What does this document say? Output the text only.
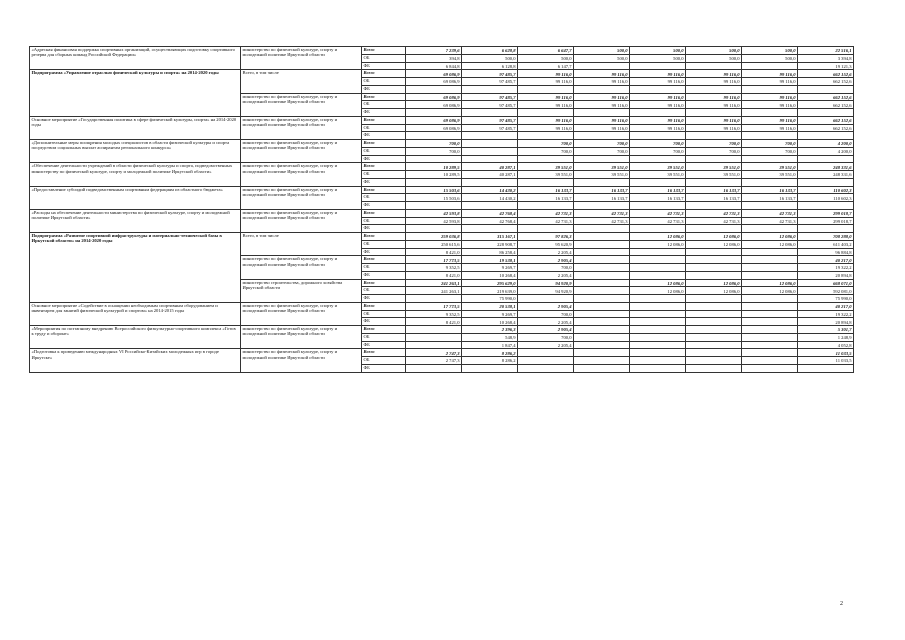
«Адресная финансовая поддержка спортивных организаций, осуществляющих подготовку спортивного резерва для сборных команд Российской Федерации»	министерство по физической культуре, спорту и молодежной политике Иркутской области	Всего	7 239,6	6 628,8	6 647,7	500,0	500,0	500,0	500,0	22 516,1
		ОБ	394,8	500,0	500,0	500,0	500,0	500,0	500,0	3 394,8
		ФБ	6 844,8	6 128,8	6 147,7					19 121,3
Подпрограмма «Управление отраслью физической культуры и спорта» на 2014-2020 годы	Всего, в том числе	Всего	69 086,9	97 485,7	99 116,0	99 116,0	99 116,0	99 116,0	99 116,0	662 152,6
		ОБ	69 086,9	97 485,7	99 116,0	99 116,0	99 116,0	99 116,0	99 116,0	662 152,6
		ФБ								
	министерство по физической культуре, спорту и молодежной политике Иркутской области	Всего	69 086,9	97 485,7	99 116,0	99 116,0	99 116,0	99 116,0	99 116,0	662 152,6
		ОБ	69 086,9	97 485,7	99 116,0	99 116,0	99 116,0	99 116,0	99 116,0	662 152,6
		ФБ								
Основное мероприятие «Государственная политика в сфере физической культуры, спорта» на 2014-2020 годы	министерство по физической культуре, спорту и молодежной политике Иркутской области	Всего	69 086,9	97 485,7	99 116,0	99 116,0	99 116,0	99 116,0	99 116,0	662 152,6
		ОБ	69 086,9	97 485,7	99 116,0	99 116,0	99 116,0	99 116,0	99 116,0	662 152,6
		ФБ								
«Дополнительные меры поощрения молодых специалистов в области физической культуры и спорта посредством социальных выплат аспирантам регионального конкурса»	министерство по физической культуре, спорту и молодежной политике Иркутской области	Всего	700,0		700,0	700,0	700,0	700,0	700,0	4 200,0
		ОБ	700,0		700,0	700,0	700,0	700,0	700,0	4 200,0
		ФБ								
«Обеспечение деятельности учреждений в области физической культуры и спорта, подведомственных министерству по физической культуре, спорту и молодежной политике Иркутской области»	министерство по физической культуре, спорту и молодежной политике Иркутской области	Всего	10 289,5	40 287,1	39 551,0	39 551,0	39 551,0	39 551,0	39 551,0	248 331,6
		ОБ	10 289,5	40 287,1	39 551,0	39 551,0	39 551,0	39 551,0	39 551,0	248 331,6
		ФБ								
«Предоставление субсидий подведомственным спортивным федерациям из областного бюджета»	министерство по физической культуре, спорту и молодежной политике Иркутской области	Всего	15 503,6	14 430,2	16 133,7	16 133,7	16 133,7	16 133,7	16 133,7	110 602,3
		ОБ	15 503,6	14 430,2	16 133,7	16 133,7	16 133,7	16 133,7	16 133,7	110 602,3
		ФБ								
«Расходы на обеспечение деятельности министерства по физической культуре, спорту и молодежной политике Иркутской области»	министерство по физической культуре, спорту и молодежной политике Иркутской области	Всего	42 593,8	42 768,4	42 731,3	42 731,3	42 731,3	42 731,3	42 731,3	299 018,7
		ОБ	42 593,8	42 768,4	42 731,3	42 731,3	42 731,3	42 731,3	42 731,3	299 018,7
		ФБ								
Подпрограмма «Развитие спортивной инфраструктуры и материально-технической базы в Иркутской области» на 2014-2020 годы	Всего, в том числе	Всего	259 036,8	315 167,1	97 826,3		12 086,0	12 086,0	12 086,0	708 288,0
		ОБ	250 615,6	228 908,7	95 620,9		12 086,0	12 086,0	12 086,0	611 403,2
		ФБ	8 421,0	86 258,4	2 205,4					96 884,8
	министерство по физической культуре, спорту и молодежной политике Иркутской области	Всего	17 773,5	19 538,1	2 905,4					40 217,0
		ОБ	9 352,5	9 269,7	700,0					19 322,2
		ФБ	8 421,0	10 268,4	2 205,4					20 894,8
	министерство строительства, дорожного хозяйства Иркутской области	Всего	241 263,1	295 629,0	94 920,9		12 086,0	12 086,0	12 086,0	668 071,0
		ОБ	241 263,1	219 639,0	94 920,9		12 086,0	12 086,0	12 086,0	592 081,0
		ФБ		75 990,0						75 990,0
Основное мероприятие «Содействие в оснащении необходимым спортивным оборудованием и инвентарем для занятий физической культурой и спортом» на 2014-2015 годы	министерство по физической культуре, спорту и молодежной политике Иркутской области	Всего	17 773,5	20 538,1	2 905,4					40 217,0
		ОБ	9 352,5	9 269,7	700,0					19 322,2
		ФБ	8 421,0	10 268,4	2 205,4					20 894,8
«Мероприятия по поэтапному внедрению Всероссийского физкультурно-спортивного комплекса «Готов к труду и обороне»	министерство по физической культуре, спорту и молодежной политике Иркутской области	Всего		2 396,3	2 905,4					5 301,7
		ОБ		548,9	700,0					1 248,9
		ФБ		1 847,4	2 205,4					4 052,8
«Подготовка к проведению международных VI Российско-Китайских молодежных игр в городе Иркутске»	министерство по физической культуре, спорту и молодежной политике Иркутской области	Всего	2 747,3	8 286,2						11 033,5
		ОБ	2 747,3	8 286,2						11 033,5
		ФБ								
2
